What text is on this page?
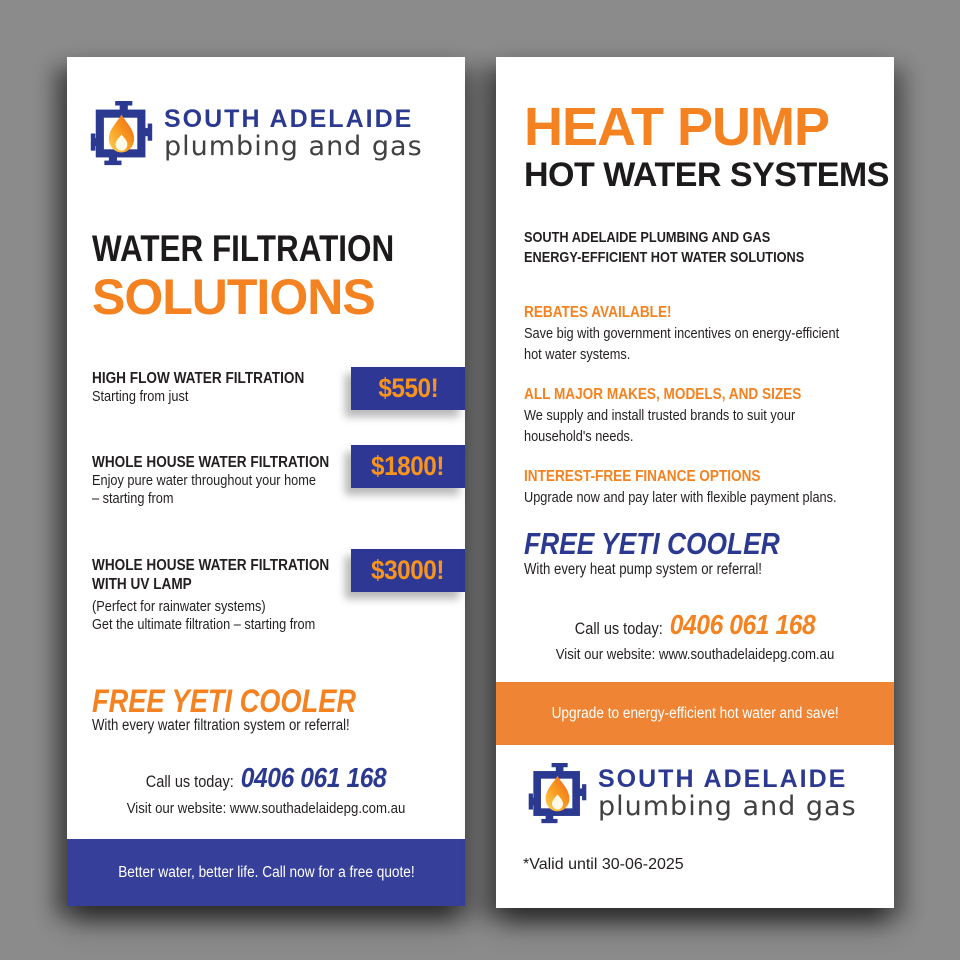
SOUTH ADELAIDE
plumbing and gas
WATER FILTRATION
SOLUTIONS
HIGH FLOW WATER FILTRATION
Starting from just	$550!
WHOLE HOUSE WATER FILTRATION
Enjoy pure water throughout your home
– starting from
$1800!
WHOLE HOUSE WATER FILTRATION
WITH UV LAMP
(Perfect for rainwater systems)
Get the ultimate filtration – starting from
$3000!
FREE YETI COOLER
With every water filtration system or referral!
Call us today: 0406 061 168
Visit our website: www.southadelaidepg.com.au
Better water, better life. Call now for a free quote!
HEAT PUMP
HOT WATER SYSTEMS
SOUTH ADELAIDE PLUMBING AND GAS
ENERGY-EFFICIENT HOT WATER SOLUTIONS
REBATES AVAILABLE!
Save big with government incentives on energy-efficient
hot water systems.
ALL MAJOR MAKES, MODELS, AND SIZES
We supply and install trusted brands to suit your
household's needs.
INTEREST-FREE FINANCE OPTIONS
Upgrade now and pay later with flexible payment plans.
FREE YETI COOLER
With every heat pump system or referral!
Call us today: 0406 061 168
Visit our website: www.southadelaidepg.com.au
Upgrade to energy-efficient hot water and save!
SOUTH ADELAIDE
plumbing and gas
*Valid until 30-06-2025
